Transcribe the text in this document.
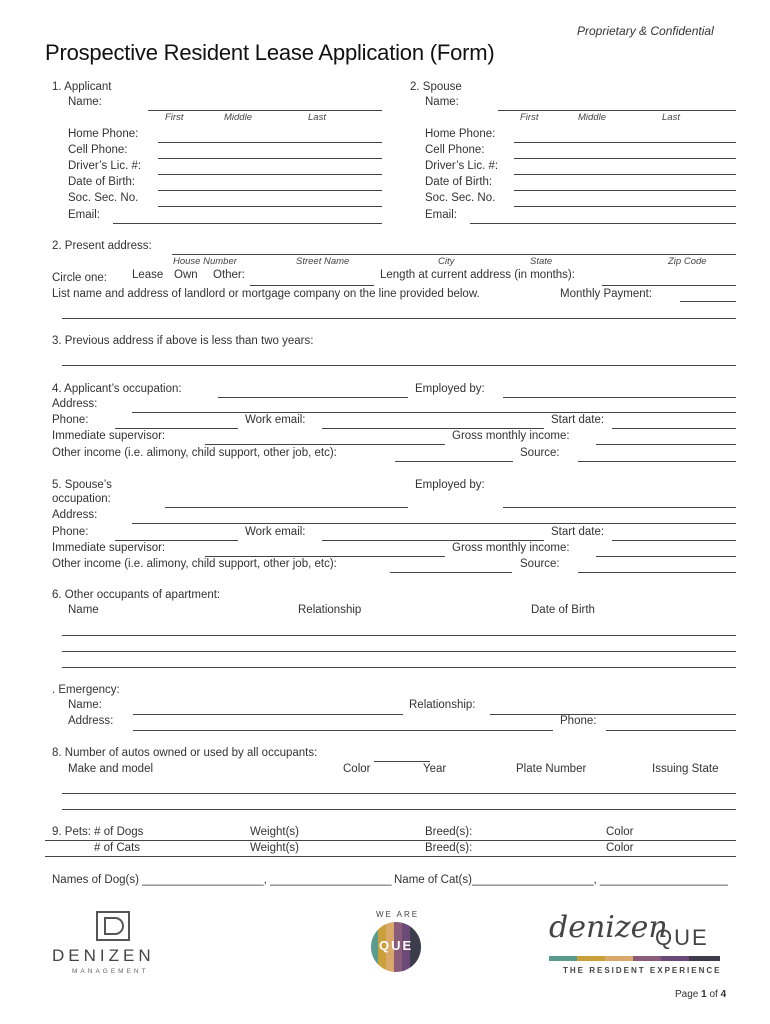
Proprietary & Confidential
Prospective Resident Lease Application (Form)
1. Applicant
Name:
First	Middle	Last
Home Phone:
Cell Phone:
Driver’s Lic. #:
Date of Birth:
Soc. Sec. No.
Email:
2. Spouse
Name:
First	Middle	Last
Home Phone:
Cell Phone:
Driver’s Lic. #:
Date of Birth:
Soc. Sec. No.
Email:
2. Present address:
House Number	Street Name	City	State	Zip Code
Circle one: Lease Own Other:	Length at current address (in months):
List name and address of landlord or mortgage company on the line provided below.	Monthly Payment:
3. Previous address if above is less than two years:
4. Applicant’s occupation:	Employed by:
Address:
Phone:	Work email:	Start date:
Immediate supervisor:	Gross monthly income:
Other income (i.e. alimony, child support, other job, etc):	Source:
5. Spouse’s	Employed by:
occupation:
Address:
Phone:	Work email:	Start date:
Immediate supervisor:	Gross monthly income:
Other income (i.e. alimony, child support, other job, etc):	Source:
6. Other occupants of apartment:
Name	Relationship	Date of Birth
. Emergency:
Name:	Relationship:
Address:	Phone:
8. Number of autos owned or used by all occupants:
Make and model	Color	Year	Plate Number	Issuing State
9. Pets: # of Dogs	Weight(s)	Breed(s):	Color
# of Cats	Weight(s)	Breed(s):	Color
Names of Dog(s) ___________________, ___________________ Name of Cat(s)___________________, ____________________
DENIZEN
MANAGEMENT
WE ARE
QUE
denizen
QUE
THE RESIDENT EXPERIENCE
Page 1 of 4
